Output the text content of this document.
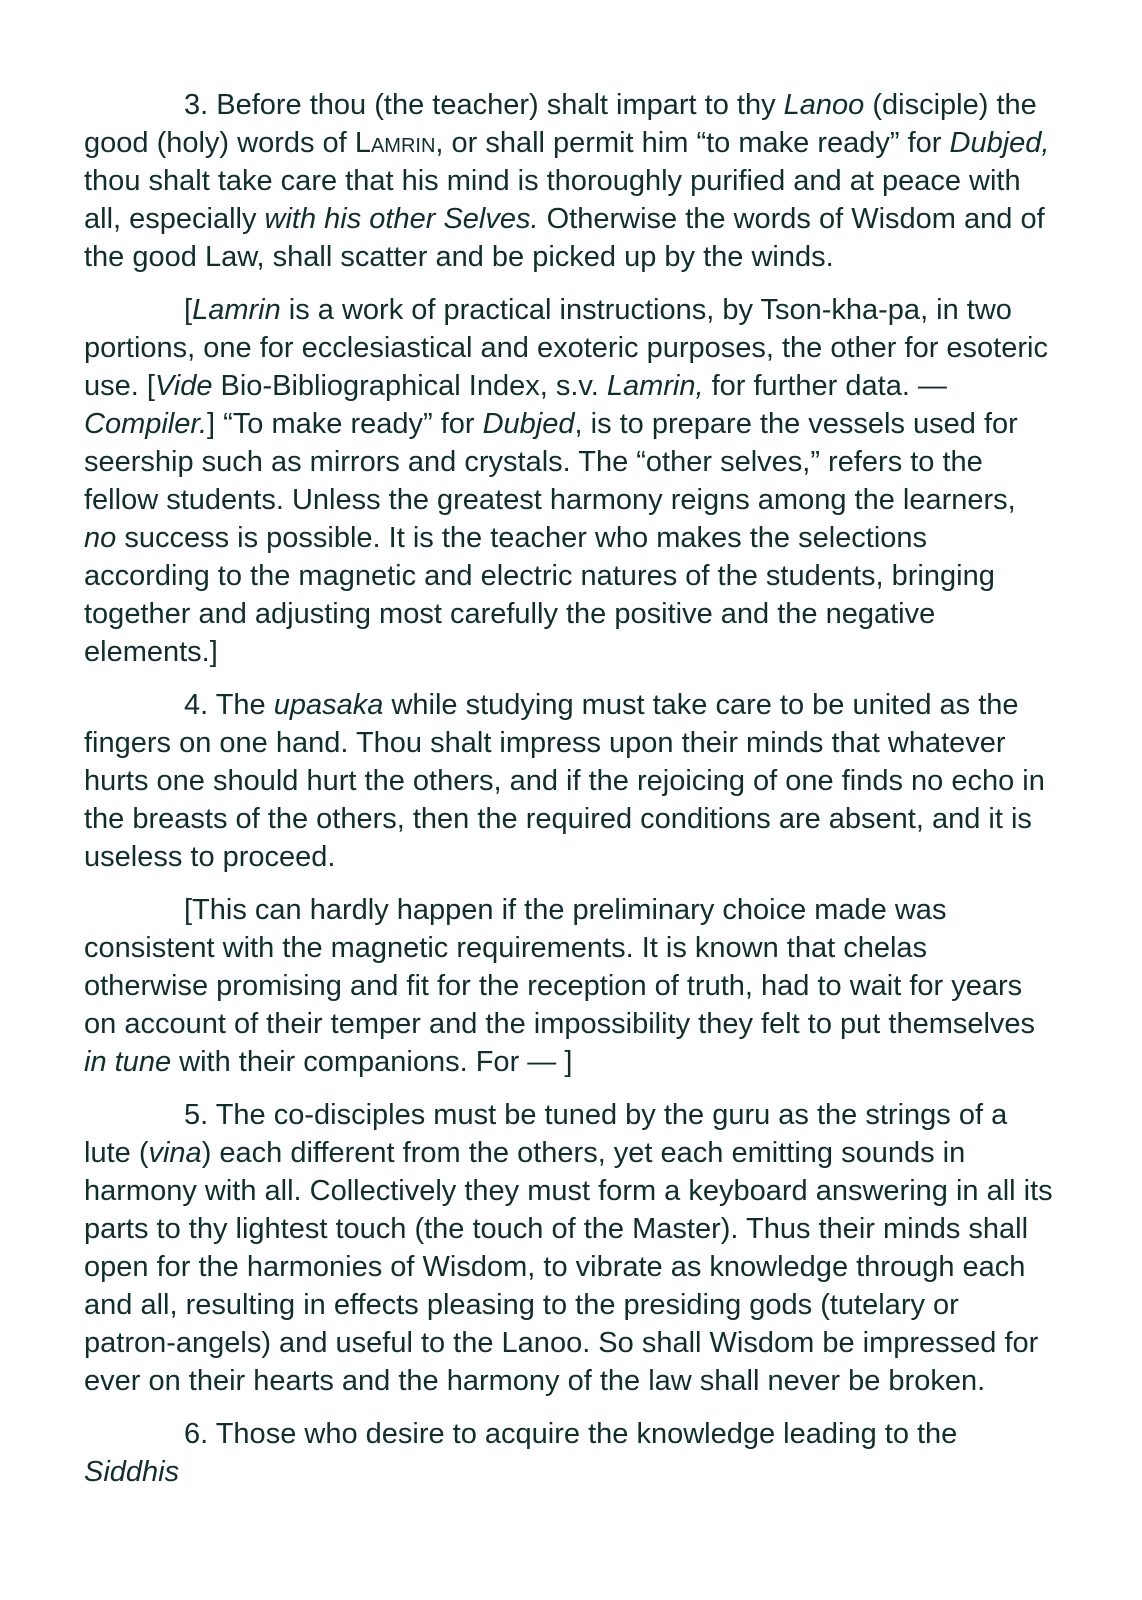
3. Before thou (the teacher) shalt impart to thy Lanoo (disciple) the good (holy) words of Lamrin, or shall permit him “to make ready” for Dubjed, thou shalt take care that his mind is thoroughly purified and at peace with all, especially with his other Selves. Otherwise the words of Wisdom and of the good Law, shall scatter and be picked up by the winds.

[Lamrin is a work of practical instructions, by Tson-kha-pa, in two portions, one for ecclesiastical and exoteric purposes, the other for esoteric use. [Vide Bio-Bibliographical Index, s.v. Lamrin, for further data. — Compiler.] “To make ready” for Dubjed, is to prepare the vessels used for seership such as mirrors and crystals. The “other selves,” refers to the fellow students. Unless the greatest harmony reigns among the learners, no success is possible. It is the teacher who makes the selections according to the magnetic and electric natures of the students, bringing together and adjusting most carefully the positive and the negative elements.]

4. The upasaka while studying must take care to be united as the fingers on one hand. Thou shalt impress upon their minds that whatever hurts one should hurt the others, and if the rejoicing of one finds no echo in the breasts of the others, then the required conditions are absent, and it is useless to proceed.

[This can hardly happen if the preliminary choice made was consistent with the magnetic requirements. It is known that chelas otherwise promising and fit for the reception of truth, had to wait for years on account of their temper and the impossibility they felt to put themselves in tune with their companions. For — ]

5. The co-disciples must be tuned by the guru as the strings of a lute (vina) each different from the others, yet each emitting sounds in harmony with all. Collectively they must form a keyboard answering in all its parts to thy lightest touch (the touch of the Master). Thus their minds shall open for the harmonies of Wisdom, to vibrate as knowledge through each and all, resulting in effects pleasing to the presiding gods (tutelary or patron-angels) and useful to the Lanoo. So shall Wisdom be impressed for ever on their hearts and the harmony of the law shall never be broken.

6. Those who desire to acquire the knowledge leading to the Siddhis
